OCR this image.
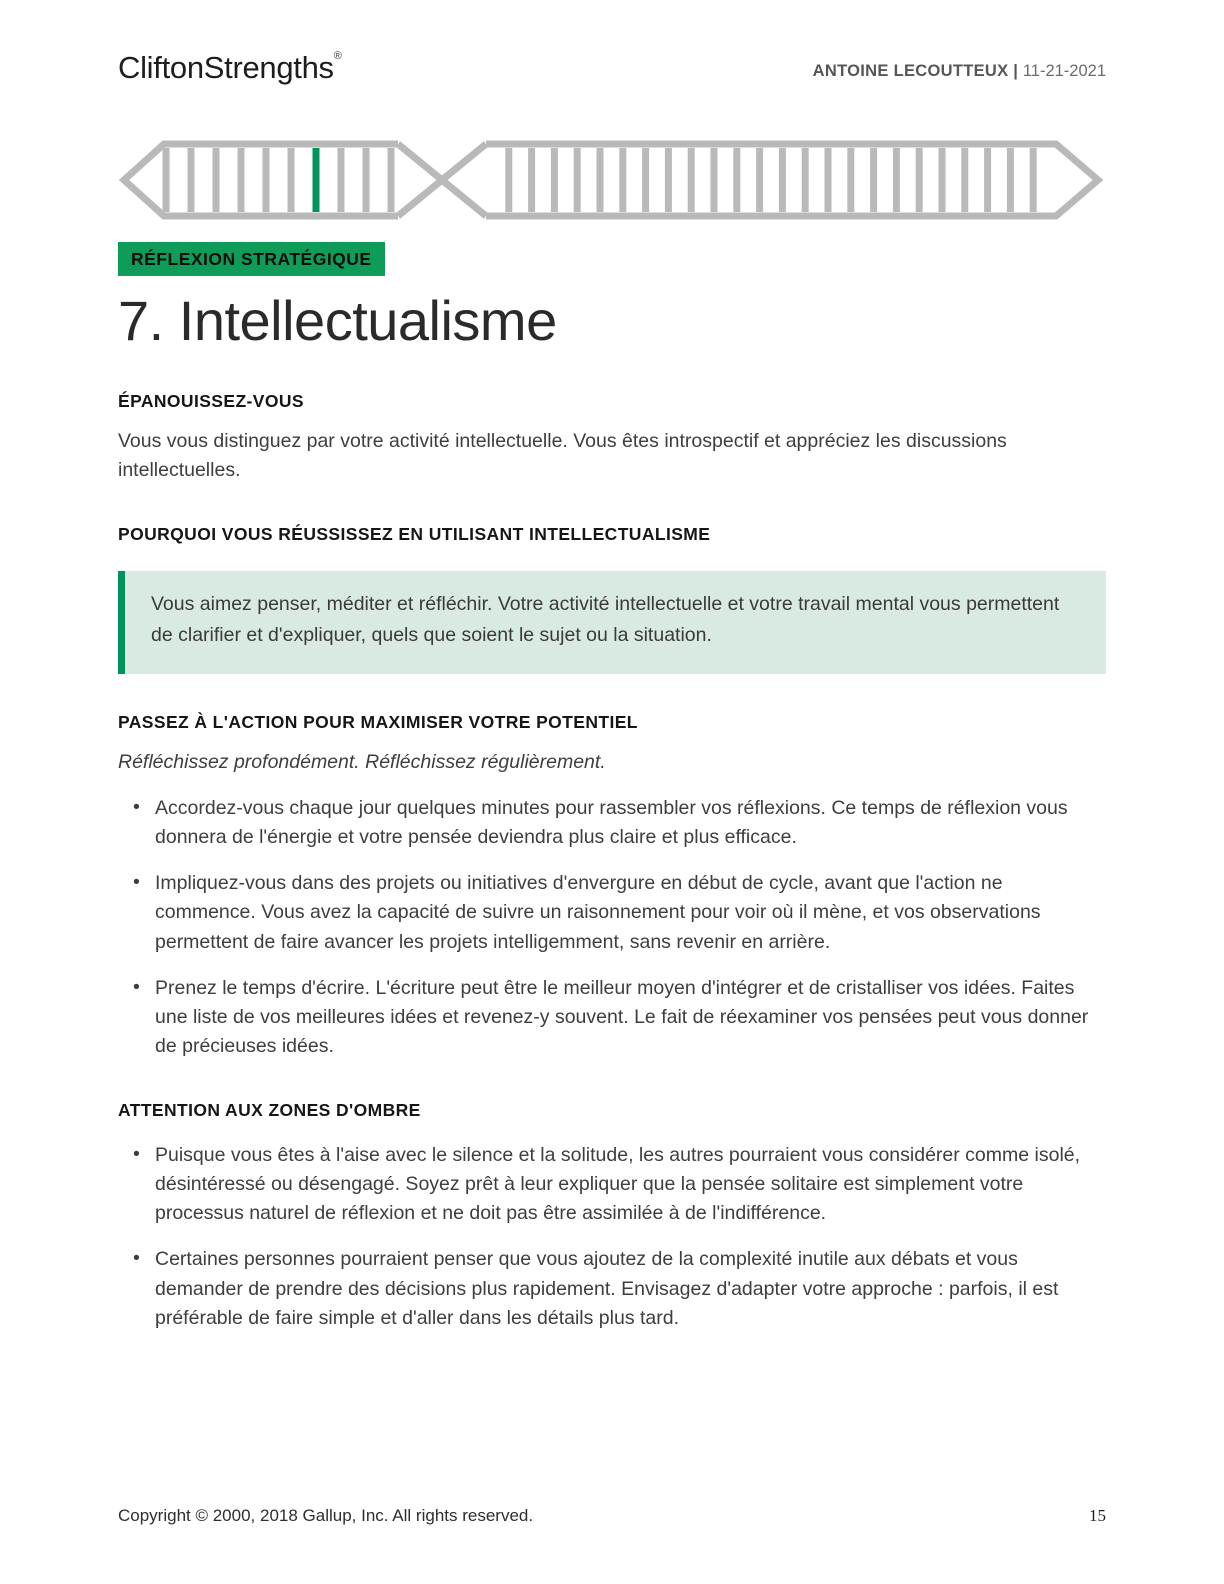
CliftonStrengths®
ANTOINE LECOUTTEUX | 11-21-2021
RÉFLEXION STRATÉGIQUE
7. Intellectualisme
ÉPANOUISSEZ-VOUS

Vous vous distinguez par votre activité intellectuelle. Vous êtes introspectif et appréciez les discussions intellectuelles.

POURQUOI VOUS RÉUSSISSEZ EN UTILISANT INTELLECTUALISME
Vous aimez penser, méditer et réfléchir. Votre activité intellectuelle et votre travail mental vous permettent de clarifier et d'expliquer, quels que soient le sujet ou la situation.
PASSEZ À L'ACTION POUR MAXIMISER VOTRE POTENTIEL

Réfléchissez profondément. Réfléchissez régulièrement.

• Accordez-vous chaque jour quelques minutes pour rassembler vos réflexions. Ce temps de réflexion vous donnera de l'énergie et votre pensée deviendra plus claire et plus efficace.
• Impliquez-vous dans des projets ou initiatives d'envergure en début de cycle, avant que l'action ne commence. Vous avez la capacité de suivre un raisonnement pour voir où il mène, et vos observations permettent de faire avancer les projets intelligemment, sans revenir en arrière.
• Prenez le temps d'écrire. L'écriture peut être le meilleur moyen d'intégrer et de cristalliser vos idées. Faites une liste de vos meilleures idées et revenez-y souvent. Le fait de réexaminer vos pensées peut vous donner de précieuses idées.
ATTENTION AUX ZONES D'OMBRE
• Puisque vous êtes à l'aise avec le silence et la solitude, les autres pourraient vous considérer comme isolé, désintéressé ou désengagé. Soyez prêt à leur expliquer que la pensée solitaire est simplement votre processus naturel de réflexion et ne doit pas être assimilée à de l'indifférence.
• Certaines personnes pourraient penser que vous ajoutez de la complexité inutile aux débats et vous demander de prendre des décisions plus rapidement. Envisagez d'adapter votre approche : parfois, il est préférable de faire simple et d'aller dans les détails plus tard.
Copyright © 2000, 2018 Gallup, Inc. All rights reserved.	15
